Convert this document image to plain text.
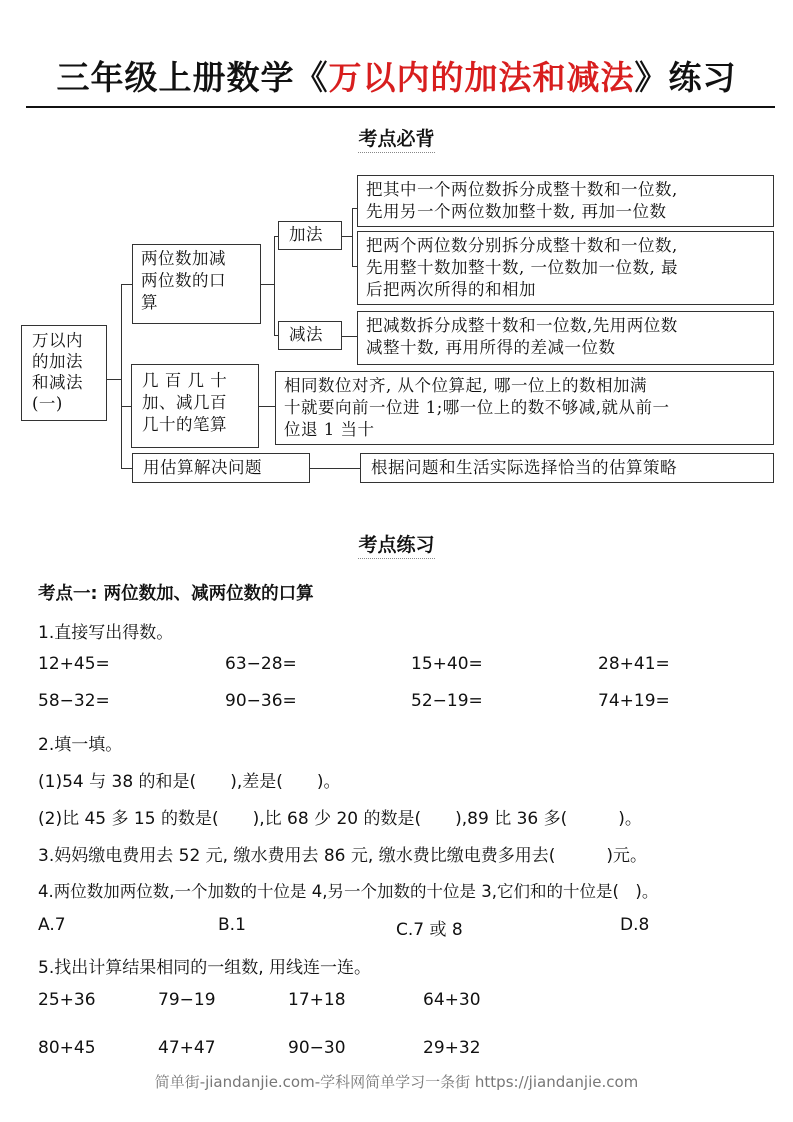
三年级上册数学《万以内的加法和减法》练习
考点必背
万以内
的加法
和减法
(一)
两位数加减
两位数的口
算
加法
把其中一个两位数拆分成整十数和一位数,
先用另一个两位数加整十数, 再加一位数
把两个两位数分别拆分成整十数和一位数,
先用整十数加整十数, 一位数加一位数, 最
后把两次所得的和相加
减法	把减数拆分成整十数和一位数,先用两位数
减整十数, 再用所得的差减一位数
几 百 几 十
加、减几百
几十的笔算
相同数位对齐, 从个位算起, 哪一位上的数相加满
十就要向前一位进 1;哪一位上的数不够减,就从前一
位退 1 当十
用估算解决问题	根据问题和生活实际选择恰当的估算策略
考点练习
考点一: 两位数加、减两位数的口算
1.直接写出得数。
12+45=	63−28=	15+40=	28+41=
58−32=	90−36=	52−19=	74+19=
2.填一填。
(1)54 与 38 的和是(　　),差是(　　)。
(2)比 45 多 15 的数是(　　),比 68 少 20 的数是(　　),89 比 36 多(　　　)。
3.妈妈缴电费用去 52 元, 缴水费用去 86 元, 缴水费比缴电费多用去(　　　)元。
4.两位数加两位数,一个加数的十位是 4,另一个加数的十位是 3,它们和的十位是(　)。
A.7	B.1	C.7 或 8	D.8
5.找出计算结果相同的一组数, 用线连一连。
25+36	79−19	17+18	64+30
80+45	47+47	90−30	29+32
简单街-jiandanjie.com-学科网简单学习一条街 https://jiandanjie.com
